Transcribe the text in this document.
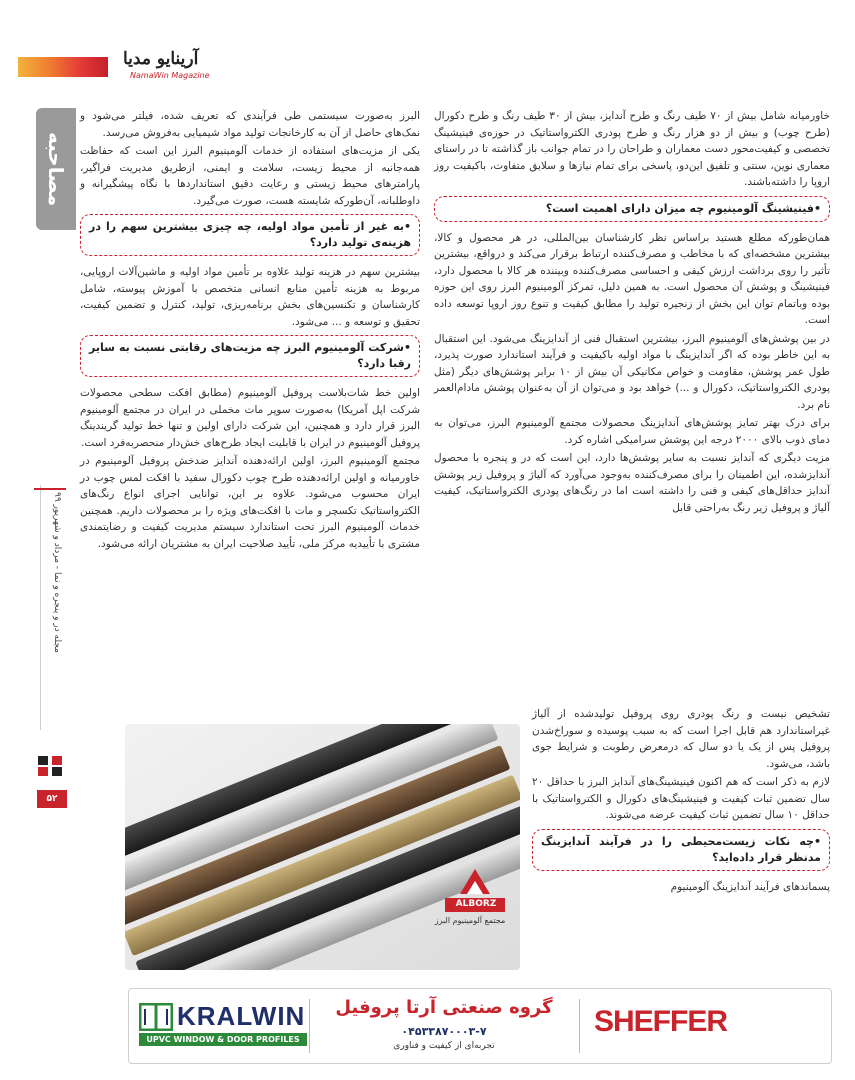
آرینایو مدیا
NamaWin Magazine
مصاحبه
مجله در و پنجره و نما - مرداد و شهریور ۹۹
۵۲

خاورمیانه شامل بیش از ۷۰ طیف رنگ و طرح آندایز، بیش از ۳۰ طیف رنگ و طرح دکورال (طرح چوب) و بیش از دو هزار رنگ و طرح پودری الکترواستاتیک در حوزه‌ی فینیشینگ تخصصی و کیفیت‌محور دست معماران و طراحان را در تمام جوانب باز گذاشته تا در راستای معماری نوین، سنتی و تلفیق این‌دو، پاسخی برای تمام نیازها و سلایق متفاوت، باکیفیت روز اروپا را داشته‌باشند.

•فینیشینگ آلومینیوم چه میزان دارای اهمیت است؟

همان‌طورکه مطلع هستید براساس نظر کارشناسان بین‌المللی، در هر محصول و کالا، بیشترین مشخصه‌ای که با مخاطب و مصرف‌کننده ارتباط برقرار می‌کند و درواقع، بیشترین تأثیر را روی برداشت ارزش کیفی و احساسی مصرف‌کننده وبیننده هر کالا با محصول دارد، فینیشینگ و پوشش آن محصول است. به همین دلیل، تمرکز آلومینیوم البرز روی این حوزه بوده وباتمام توان این بخش از زنجیره تولید را مطابق کیفیت و تنوع روز اروپا توسعه داده است.

در بین پوشش‌های آلومینیوم البرز، بیشترین استقبال فنی از آندایزینگ می‌شود. این استقبال به این خاطر بوده که اگر آندایزینگ با مواد اولیه باکیفیت و فرآیند استاندارد صورت پذیرد، طول عمر پوشش، مقاومت و خواص مکانیکی آن بیش از ۱۰ برابر پوشش‌های دیگر (مثل پودری الکترواستاتیک، دکورال و ...) خواهد بود و می‌توان از آن به‌عنوان پوشش مادام‌العمر نام برد.

برای درک بهتر تمایز پوشش‌های آندایزینگ محصولات مجتمع آلومینیوم البرز، می‌توان به دمای ذوب بالای ۲۰۰۰ درجه این پوشش سرامیکی اشاره کرد.

مزیت دیگری که آندایز نسبت به سایر پوشش‌ها دارد، این است که در و پنجره با محصول آندایزشده، این اطمینان را برای مصرف‌کننده به‌وجود می‌آورد که آلیاژ و پروفیل زیر پوشش آندایز حداقل‌های کیفی و فنی را داشته است اما در رنگ‌های پودری الکترواستاتیک، کیفیت آلیاژ و پروفیل زیر رنگ به‌راحتی قابل

البرز به‌صورت سیستمی طی فرآیندی که تعریف شده، فیلتر می‌شود و نمک‌های حاصل از آن به کارخانجات تولید مواد شیمیایی به‌فروش می‌رسد.

یکی از مزیت‌های استفاده از خدمات آلومینیوم البرز این است که حفاظت همه‌جانبه از محیط زیست، سلامت و ایمنی، ازطریق مدیریت فراگیر، پارامترهای محیط زیستی و رعایت دقیق استانداردها با نگاه پیشگیرانه و داوطلبانه، آن‌طورکه شایسته هست، صورت می‌گیرد.

•به غیر از تأمین مواد اولیه، چه چیزی بیشترین سهم را در هزینه‌ی تولید دارد؟

بیشترین سهم در هزینه تولید علاوه بر تأمین مواد اولیه و ماشین‌آلات اروپایی، مربوط به هزینه تأمین منابع انسانی متخصص با آموزش پیوسته، شامل کارشناسان و تکنسین‌های بخش برنامه‌ریزی، تولید، کنترل و تضمین کیفیت، تحقیق و توسعه و ... می‌شود.

•شرکت آلومینیوم البرز چه مزیت‌های رقابتی نسبت به سایر رقبا دارد؟

اولین خط شات‌بلاست پروفیل آلومینیوم (مطابق افکت سطحی محصولات شرکت اپل آمریکا) به‌صورت سوپر مات مخملی در ایران در مجتمع آلومینیوم البرز قرار دارد و همچنین، این شرکت دارای اولین و تنها خط تولید گریندینگ پروفیل آلومینیوم در ایران با قابلیت ایجاد طرح‌های خش‌دار منحصربه‌فرد است.

مجتمع آلومینیوم البرز، اولین ارائه‌دهنده آندایز ضدخش پروفیل آلومینیوم در خاورمیانه و اولین ارائه‌دهنده طرح چوب دکورال سفید با افکت لمس چوب در ایران محسوب می‌شود. علاوه بر این، توانایی اجرای انواع رنگ‌های الکترواستاتیک تکسچر و مات با افکت‌های ویژه را بر محصولات داریم. همچنین خدمات آلومینیوم البرز تحت استاندارد سیستم مدیریت کیفیت و رضایتمندی مشتری با تأییدیه مرکز ملی، تأیید صلاحیت ایران به مشتریان ارائه می‌شود.

ALBORZ
مجتمع آلومینیوم البرز

تشخیص نیست و رنگ پودری روی پروفیل تولیدشده از آلیاژ غیراستاندارد هم قابل اجرا است که به سبب پوسیده و سوراخ‌شدن پروفیل پس از یک یا دو سال که درمعرض رطوبت و شرایط جوی باشد، می‌شود.

لازم به ذکر است که هم اکنون فینیشینگ‌های آندایز البرز با حداقل ۲۰ سال تضمین ثبات کیفیت و فینیشینگ‌های دکورال و الکترواستاتیک با حداقل ۱۰ سال تضمین ثبات کیفیت عرضه می‌شوند.

•چه نکات زیست‌محیطی را در فرآیند آندایزینگ مدنظر قرار داده‌اید؟

پسماندهای فرآیند آندایزینگ آلومینیوم

KRALWIN
UPVC WINDOW & DOOR PROFILES
گروه صنعتی آرتا پروفیل
۰۴۵۳۳۸۷۰۰۰۳-۷
تجربه‌ای از کیفیت و فناوری
SHEFFER
